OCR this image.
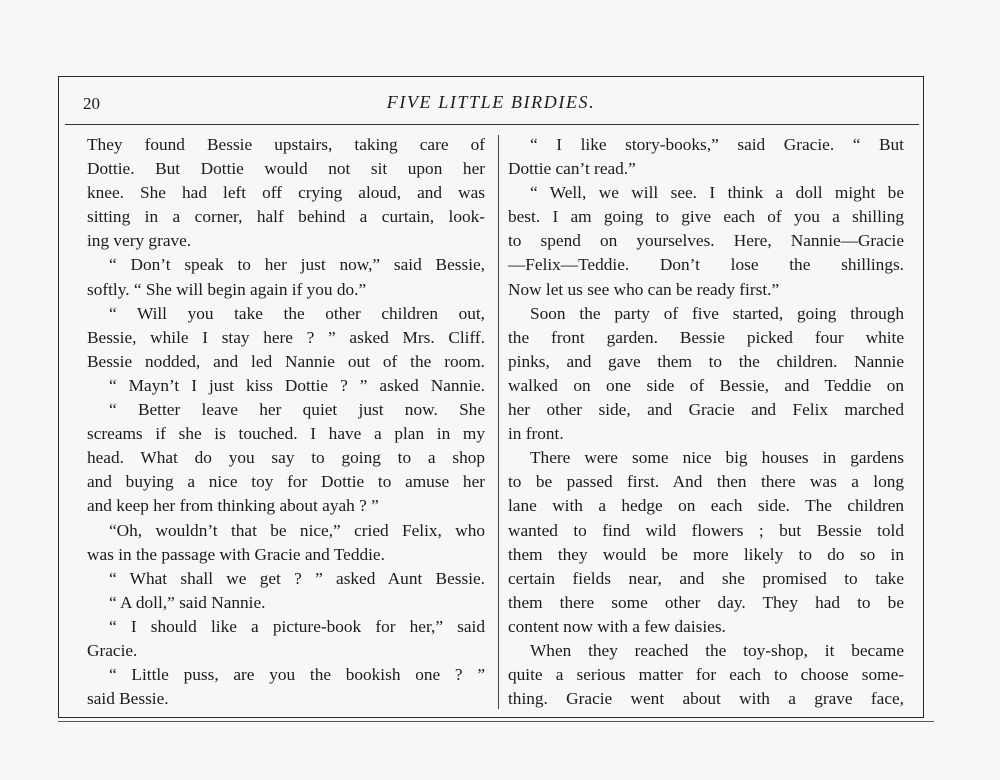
20	FIVE LITTLE BIRDIES.
They found Bessie upstairs, taking care of
Dottie. But Dottie would not sit upon her
knee. She had left off crying aloud, and was
sitting in a corner, half behind a curtain, look-
ing very grave.
“ Don’t speak to her just now,” said Bessie,
softly. “ She will begin again if you do.”
“ Will you take the other children out,
Bessie, while I stay here ? ” asked Mrs. Cliff.
Bessie nodded, and led Nannie out of the room.
“ Mayn’t I just kiss Dottie ? ” asked Nannie.
“ Better leave her quiet just now. She
screams if she is touched. I have a plan in my
head. What do you say to going to a shop
and buying a nice toy for Dottie to amuse her
and keep her from thinking about ayah ? ”
“Oh, wouldn’t that be nice,” cried Felix, who
was in the passage with Gracie and Teddie.
“ What shall we get ? ” asked Aunt Bessie.
“ A doll,” said Nannie.
“ I should like a picture-book for her,” said
Gracie.
“ Little puss, are you the bookish one ? ”
said Bessie.
“ I like story-books,” said Gracie. “ But
Dottie can’t read.”
“ Well, we will see. I think a doll might be
best. I am going to give each of you a shilling
to spend on yourselves. Here, Nannie—Gracie
—Felix—Teddie. Don’t lose the shillings.
Now let us see who can be ready first.”
Soon the party of five started, going through
the front garden. Bessie picked four white
pinks, and gave them to the children. Nannie
walked on one side of Bessie, and Teddie on
her other side, and Gracie and Felix marched
in front.
There were some nice big houses in gardens
to be passed first. And then there was a long
lane with a hedge on each side. The children
wanted to find wild flowers ; but Bessie told
them they would be more likely to do so in
certain fields near, and she promised to take
them there some other day. They had to be
content now with a few daisies.
When they reached the toy-shop, it became
quite a serious matter for each to choose some-
thing. Gracie went about with a grave face,
